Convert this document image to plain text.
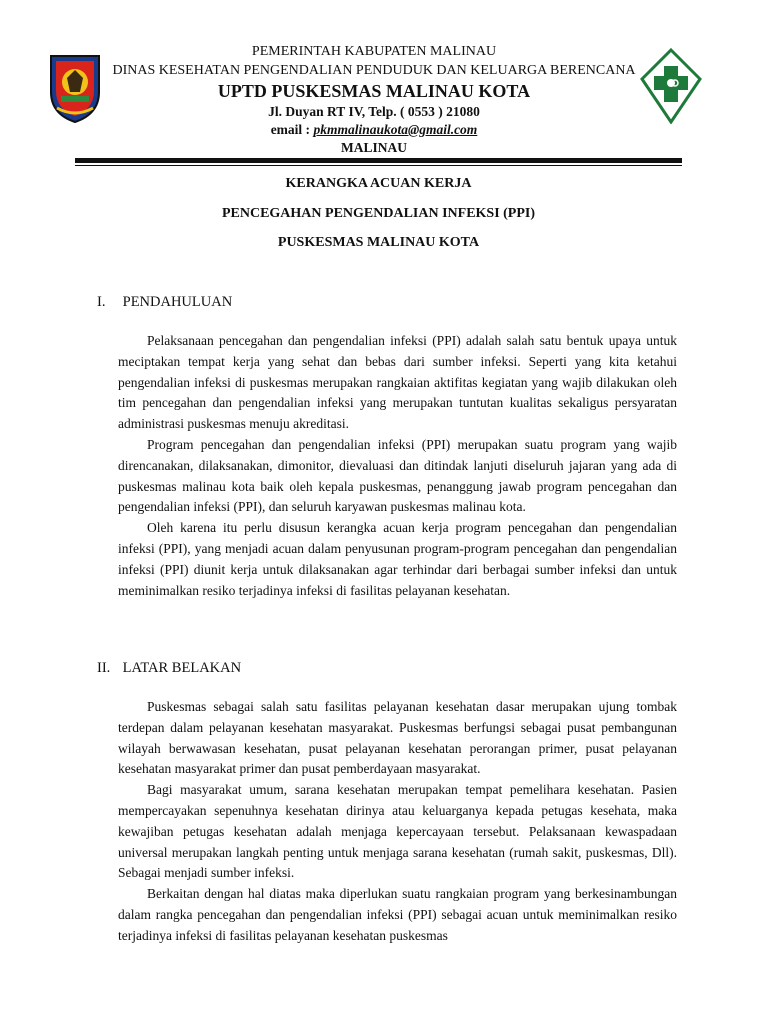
PEMERINTAH KABUPATEN MALINAU
DINAS KESEHATAN PENGENDALIAN PENDUDUK DAN KELUARGA BERENCANA
UPTD PUSKESMAS MALINAU KOTA
Jl. Duyan RT IV, Telp. ( 0553 ) 21080
email : pkmmalinaukota@gmail.com
MALINAU
KERANGKA ACUAN KERJA
PENCEGAHAN PENGENDALIAN INFEKSI (PPI)
PUSKESMAS MALINAU KOTA
I. PENDAHULUAN

Pelaksanaan pencegahan dan pengendalian infeksi (PPI) adalah salah satu bentuk upaya untuk meciptakan tempat kerja yang sehat dan bebas dari sumber infeksi. Seperti yang kita ketahui pengendalian infeksi di puskesmas merupakan rangkaian aktifitas kegiatan yang wajib dilakukan oleh tim pencegahan dan pengendalian infeksi yang merupakan tuntutan kualitas sekaligus persyaratan administrasi puskesmas menuju akreditasi.

Program pencegahan dan pengendalian infeksi (PPI) merupakan suatu program yang wajib direncanakan, dilaksanakan, dimonitor, dievaluasi dan ditindak lanjuti diseluruh jajaran yang ada di puskesmas malinau kota baik oleh kepala puskesmas, penanggung jawab program pencegahan dan pengendalian infeksi (PPI), dan seluruh karyawan puskesmas malinau kota.

Oleh karena itu perlu disusun kerangka acuan kerja program pencegahan dan pengendalian infeksi (PPI), yang menjadi acuan dalam penyusunan program-program pencegahan dan pengendalian infeksi (PPI) diunit kerja untuk dilaksanakan agar terhindar dari berbagai sumber infeksi dan untuk meminimalkan resiko terjadinya infeksi di fasilitas pelayanan kesehatan.

II. LATAR BELAKAN

Puskesmas sebagai salah satu fasilitas pelayanan kesehatan dasar merupakan ujung tombak terdepan dalam pelayanan kesehatan masyarakat. Puskesmas berfungsi sebagai pusat pembangunan wilayah berwawasan kesehatan, pusat pelayanan kesehatan perorangan primer, pusat pelayanan kesehatan masyarakat primer dan pusat pemberdayaan masyarakat.

Bagi masyarakat umum, sarana kesehatan merupakan tempat pemelihara kesehatan. Pasien mempercayakan sepenuhnya kesehatan dirinya atau keluarganya kepada petugas kesehata, maka kewajiban petugas kesehatan adalah menjaga kepercayaan tersebut. Pelaksanaan kewaspadaan universal merupakan langkah penting untuk menjaga sarana kesehatan (rumah sakit, puskesmas, Dll). Sebagai menjadi sumber infeksi.

Berkaitan dengan hal diatas maka diperlukan suatu rangkaian program yang berkesinambungan dalam rangka pencegahan dan pengendalian infeksi (PPI) sebagai acuan untuk meminimalkan resiko terjadinya infeksi di fasilitas pelayanan kesehatan puskesmas
